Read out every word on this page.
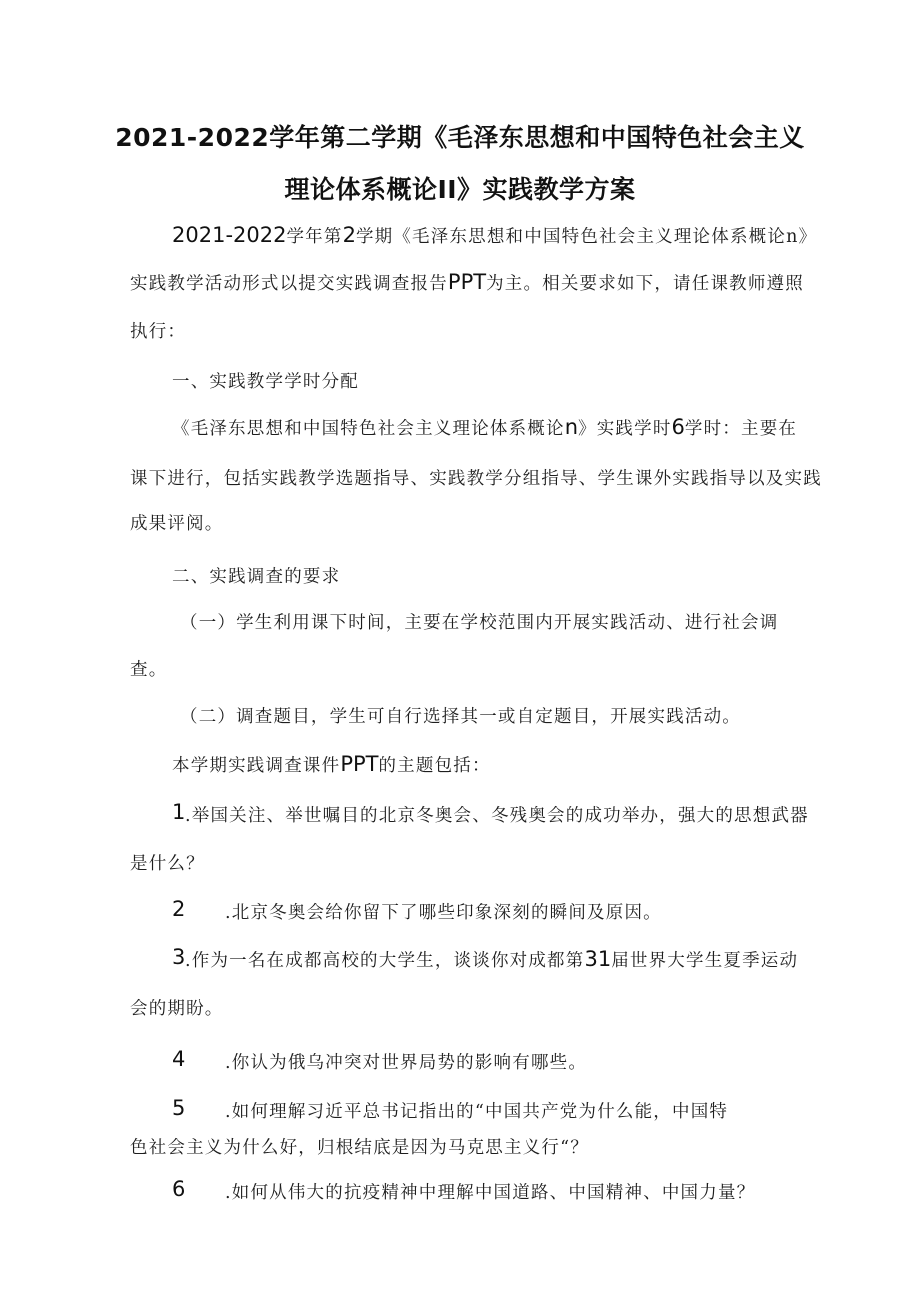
2021-2022学年第二学期《毛泽东思想和中国特色社会主义
理论体系概论II》实践教学方案
2021-2022学年第2学期《毛泽东思想和中国特色社会主义理论体系概论n》
实践教学活动形式以提交实践调查报告PPT为主。相关要求如下，请任课教师遵照
执行：
一、实践教学学时分配
《毛泽东思想和中国特色社会主义理论体系概论n》实践学时6学时：主要在
课下进行，包括实践教学选题指导、实践教学分组指导、学生课外实践指导以及实践
成果评阅。
二、实践调查的要求
（一）学生利用课下时间，主要在学校范围内开展实践活动、进行社会调
查。
（二）调查题目，学生可自行选择其一或自定题目，开展实践活动。
本学期实践调查课件PPT的主题包括：
1 .举国关注、举世嘱目的北京冬奥会、冬残奥会的成功举办，强大的思想武器
是什么？
2 .北京冬奥会给你留下了哪些印象深刻的瞬间及原因。
3 .作为一名在成都高校的大学生，谈谈你对成都第31届世界大学生夏季运动
会的期盼。
4 .你认为俄乌冲突对世界局势的影响有哪些。
5 .如何理解习近平总书记指出的“中国共产党为什么能，中国特
色社会主义为什么好，归根结底是因为马克思主义行“？
6 .如何从伟大的抗疫精神中理解中国道路、中国精神、中国力量？
